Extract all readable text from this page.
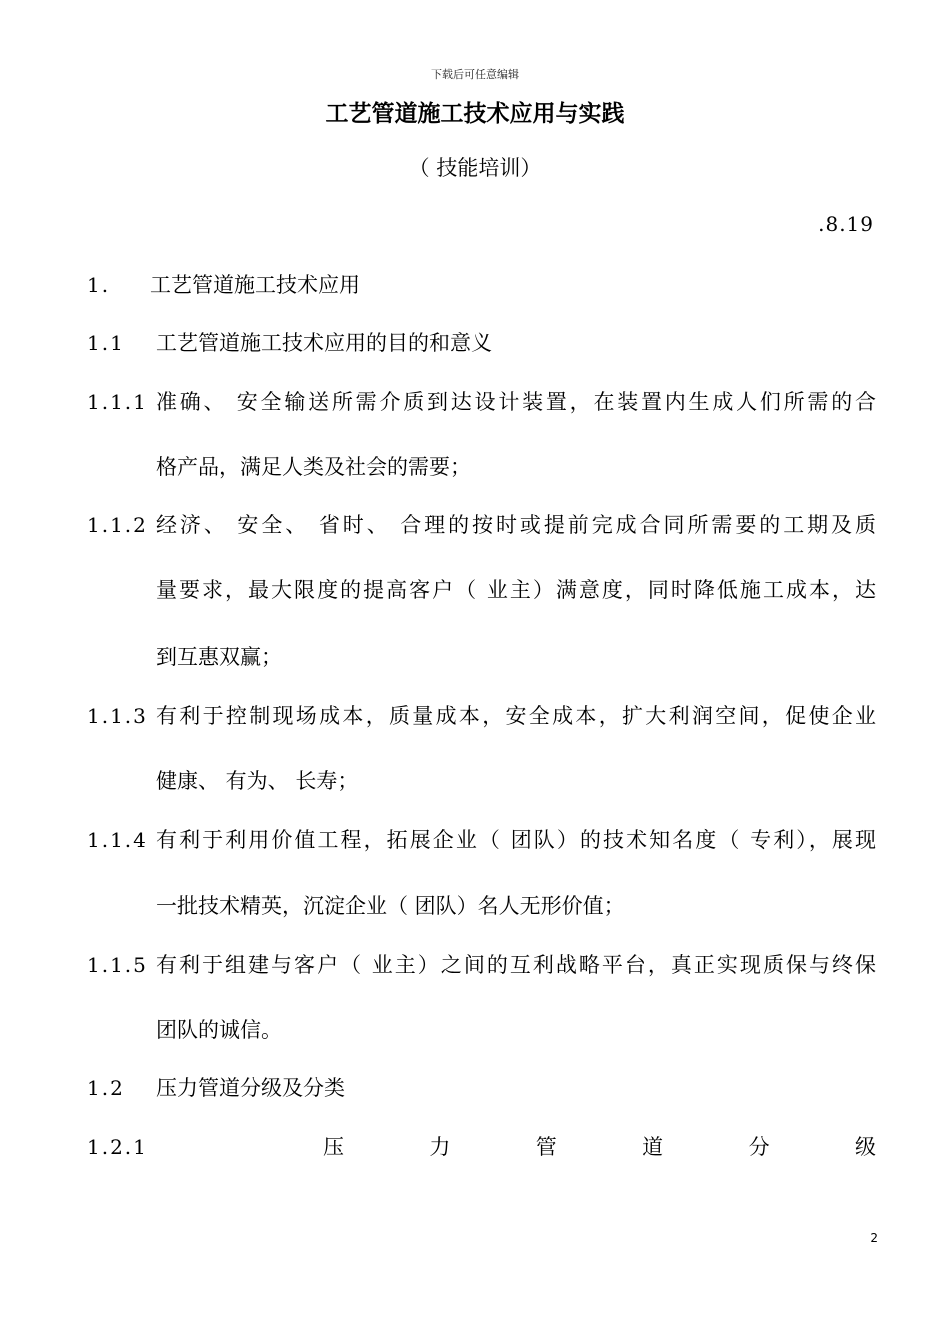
下载后可任意编辑
工艺管道施工技术应用与实践
（ 技能培训）
.8.19
1. 工艺管道施工技术应用
1.1 工艺管道施工技术应用的目的和意义
1.1.1 准确、 安全输送所需介质到达设计装置，在装置内生成人们所需的合
格产品，满足人类及社会的需要；
1.1.2 经济、 安全、 省时、 合理的按时或提前完成合同所需要的工期及质
量要求，最大限度的提高客户（ 业主）满意度，同时降低施工成本，达
到互惠双赢；
1.1.3 有利于控制现场成本，质量成本，安全成本，扩大利润空间，促使企业
健康、 有为、 长寿；
1.1.4 有利于利用价值工程，拓展企业（ 团队）的技术知名度（ 专利），展现
一批技术精英，沉淀企业（ 团队）名人无形价值；
1.1.5 有利于组建与客户（ 业主）之间的互利战略平台，真正实现质保与终保
团队的诚信。
1.2 压力管道分级及分类
1.2.1	压	力	管	道	分	级
2
